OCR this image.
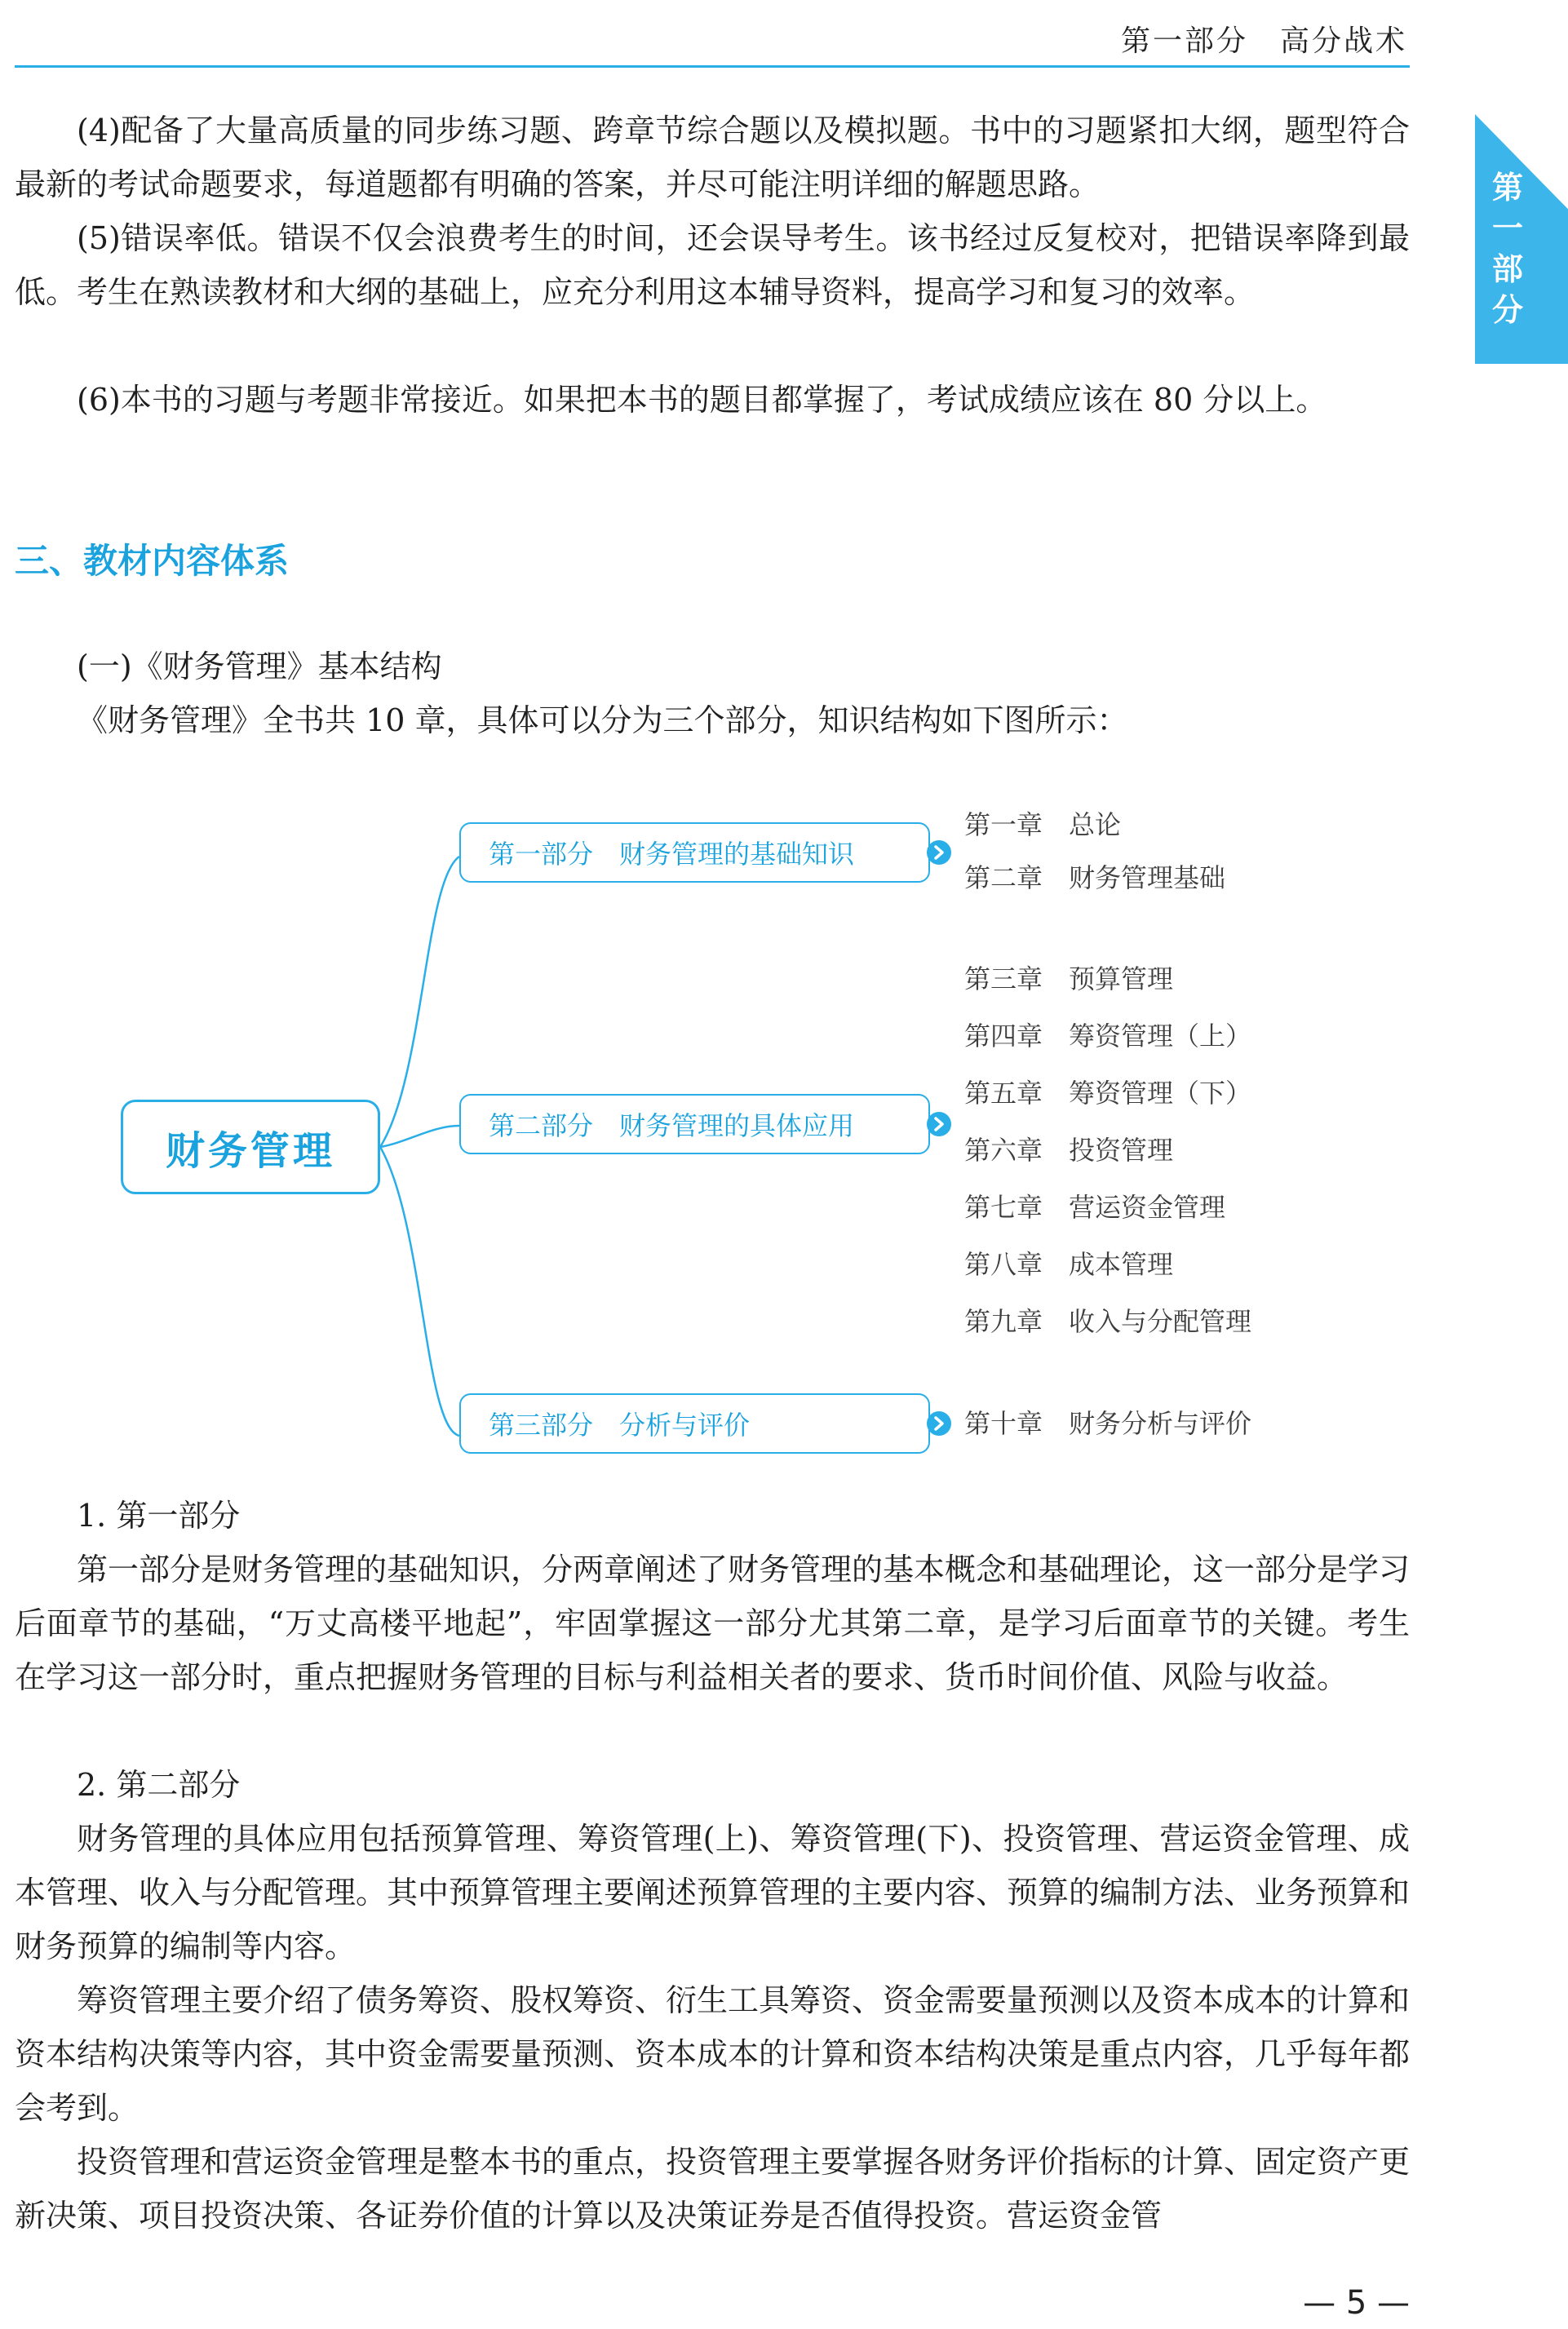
第一部分　高分战术
第
一
部
分
(4)配备了大量高质量的同步练习题、跨章节综合题以及模拟题。书中的习题紧扣大纲，题型符合最新的考试命题要求，每道题都有明确的答案，并尽可能注明详细的解题思路。
(5)错误率低。错误不仅会浪费考生的时间，还会误导考生。该书经过反复校对，把错误率降到最低。考生在熟读教材和大纲的基础上，应充分利用这本辅导资料，提高学习和复习的效率。
(6)本书的习题与考题非常接近。如果把本书的题目都掌握了，考试成绩应该在 80 分以上。
三、教材内容体系
(一)《财务管理》基本结构
《财务管理》全书共 10 章，具体可以分为三个部分，知识结构如下图所示：
财务管理
第一部分　财务管理的基础知识
第二部分　财务管理的具体应用
第三部分　分析与评价
第一章　总论
第二章　财务管理基础
第三章　预算管理
第四章　筹资管理（上）
第五章　筹资管理（下）
第六章　投资管理
第七章　营运资金管理
第八章　成本管理
第九章　收入与分配管理
第十章　财务分析与评价
1. 第一部分
第一部分是财务管理的基础知识，分两章阐述了财务管理的基本概念和基础理论，这一部分是学习后面章节的基础，“万丈高楼平地起”，牢固掌握这一部分尤其第二章，是学习后面章节的关键。考生在学习这一部分时，重点把握财务管理的目标与利益相关者的要求、货币时间价值、风险与收益。
2. 第二部分
财务管理的具体应用包括预算管理、筹资管理(上)、筹资管理(下)、投资管理、营运资金管理、成本管理、收入与分配管理。其中预算管理主要阐述预算管理的主要内容、预算的编制方法、业务预算和财务预算的编制等内容。
筹资管理主要介绍了债务筹资、股权筹资、衍生工具筹资、资金需要量预测以及资本成本的计算和资本结构决策等内容，其中资金需要量预测、资本成本的计算和资本结构决策是重点内容，几乎每年都会考到。
投资管理和营运资金管理是整本书的重点，投资管理主要掌握各财务评价指标的计算、固定资产更新决策、项目投资决策、各证券价值的计算以及决策证券是否值得投资。营运资金管
— 5 —
